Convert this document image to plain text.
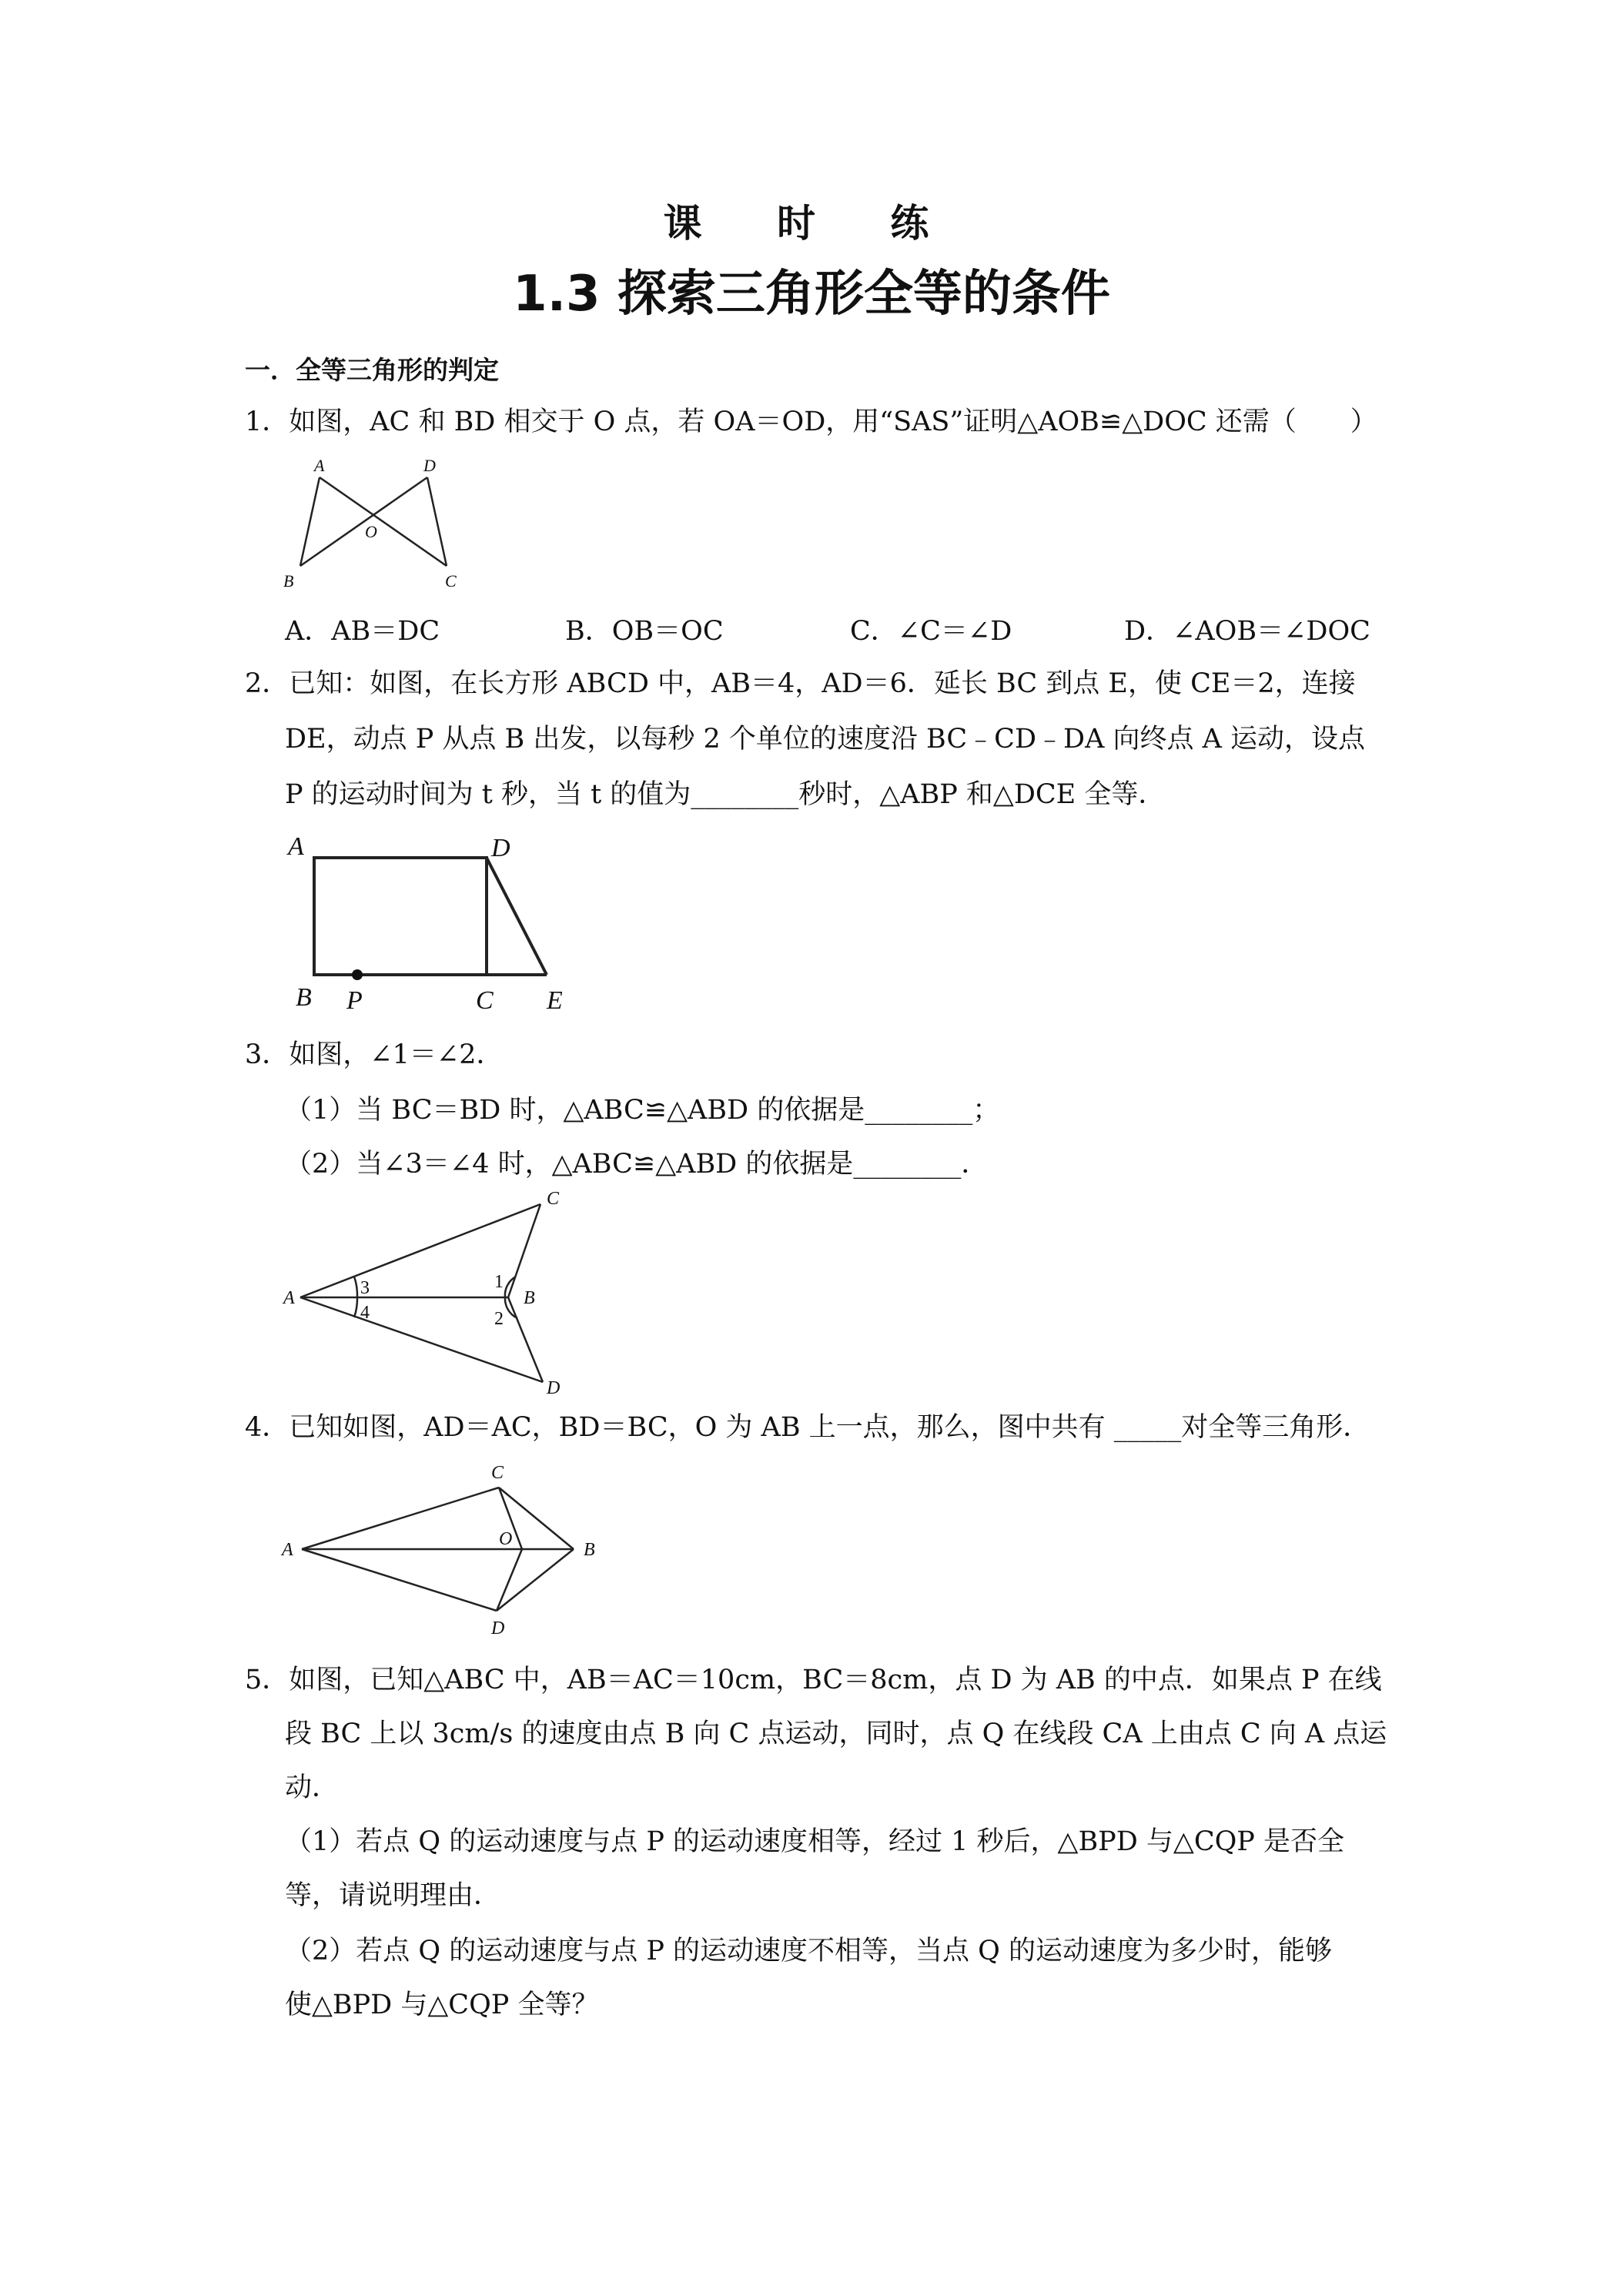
课 时 练
1.3 探索三角形全等的条件
一．全等三角形的判定
1．如图，AC 和 BD 相交于 O 点，若 OA＝OD，用“SAS”证明△AOB≌△DOC 还需（　　）
A	D
O
B	C
A．AB＝DC	B．OB＝OC	C．∠C＝∠D	D．∠AOB＝∠DOC
2．已知：如图，在长方形 ABCD 中，AB＝4，AD＝6．延长 BC 到点 E，使 CE＝2，连接
DE，动点 P 从点 B 出发，以每秒 2 个单位的速度沿 BC﹣CD﹣DA 向终点 A 运动，设点
P 的运动时间为 t 秒，当 t 的值为________秒时，△ABP 和△DCE 全等．
A	D
B P	C E
3．如图，∠1＝∠2．
（1）当 BC＝BD 时，△ABC≌△ABD 的依据是________；
（2）当∠3＝∠4 时，△ABC≌△ABD 的依据是________．
C
A	3
4
1
B
2
D
4．已知如图，AD＝AC，BD＝BC，O 为 AB 上一点，那么，图中共有 _____对全等三角形．
C
A
O
B
D
5．如图，已知△ABC 中，AB＝AC＝10cm，BC＝8cm，点 D 为 AB 的中点．如果点 P 在线
段 BC 上以 3cm/s 的速度由点 B 向 C 点运动，同时，点 Q 在线段 CA 上由点 C 向 A 点运
动．
（1）若点 Q 的运动速度与点 P 的运动速度相等，经过 1 秒后，△BPD 与△CQP 是否全
等，请说明理由．
（2）若点 Q 的运动速度与点 P 的运动速度不相等，当点 Q 的运动速度为多少时，能够
使△BPD 与△CQP 全等？
